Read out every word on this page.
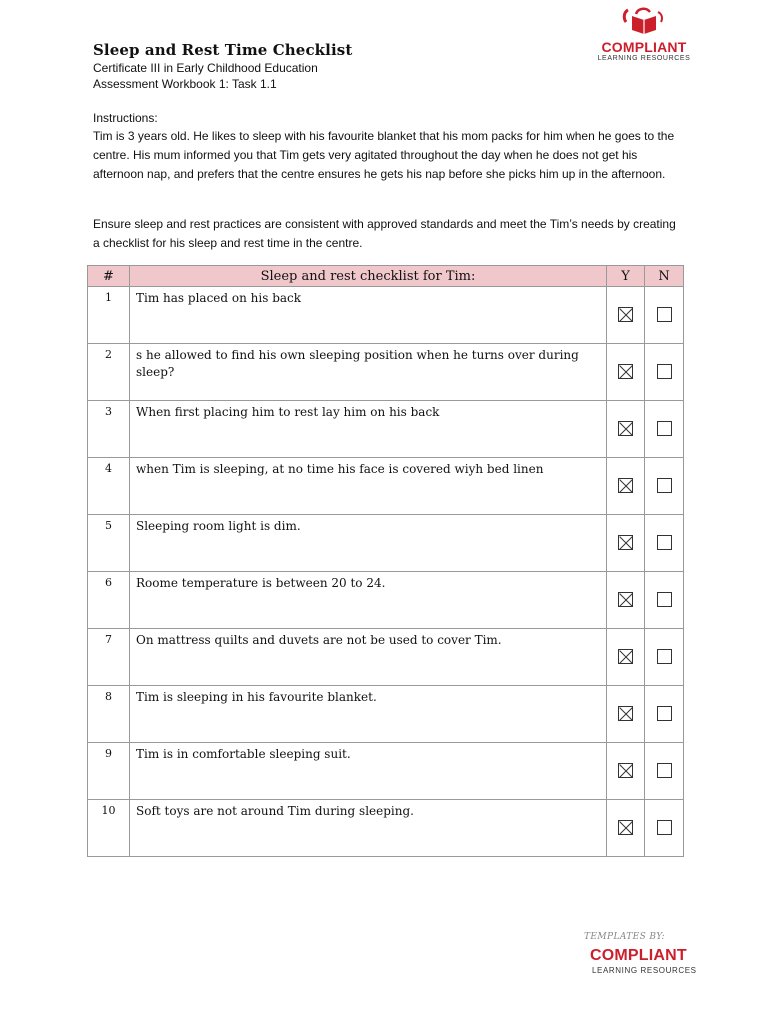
Sleep and Rest Time Checklist
Certificate III in Early Childhood Education
Assessment Workbook 1: Task 1.1
COMPLIANT
LEARNING RESOURCES
Instructions:
Tim is 3 years old. He likes to sleep with his favourite blanket that his mom packs for him when he goes to the centre. His mum informed you that Tim gets very agitated throughout the day when he does not get his afternoon nap, and prefers that the centre ensures he gets his nap before she picks him up in the afternoon.
Ensure sleep and rest practices are consistent with approved standards and meet the Tim’s needs by creating a checklist for his sleep and rest time in the centre.
#	Sleep and rest checklist for Tim:	Y	N
1	Tim has placed on his back		
2	s he allowed to find his own sleeping position when he turns over during sleep?		
3	When first placing him to rest lay him on his back		
4	when Tim is sleeping, at no time his face is covered wiyh bed linen		
5	Sleeping room light is dim.		
6	Roome temperature is between 20 to 24.		
7	On mattress quilts and duvets are not be used to cover Tim.		
8	Tim is sleeping in his favourite blanket.		
9	Tim is in comfortable sleeping suit.		
10	Soft toys are not around Tim during sleeping.		
TEMPLATES BY:
COMPLIANT
LEARNING RESOURCES
